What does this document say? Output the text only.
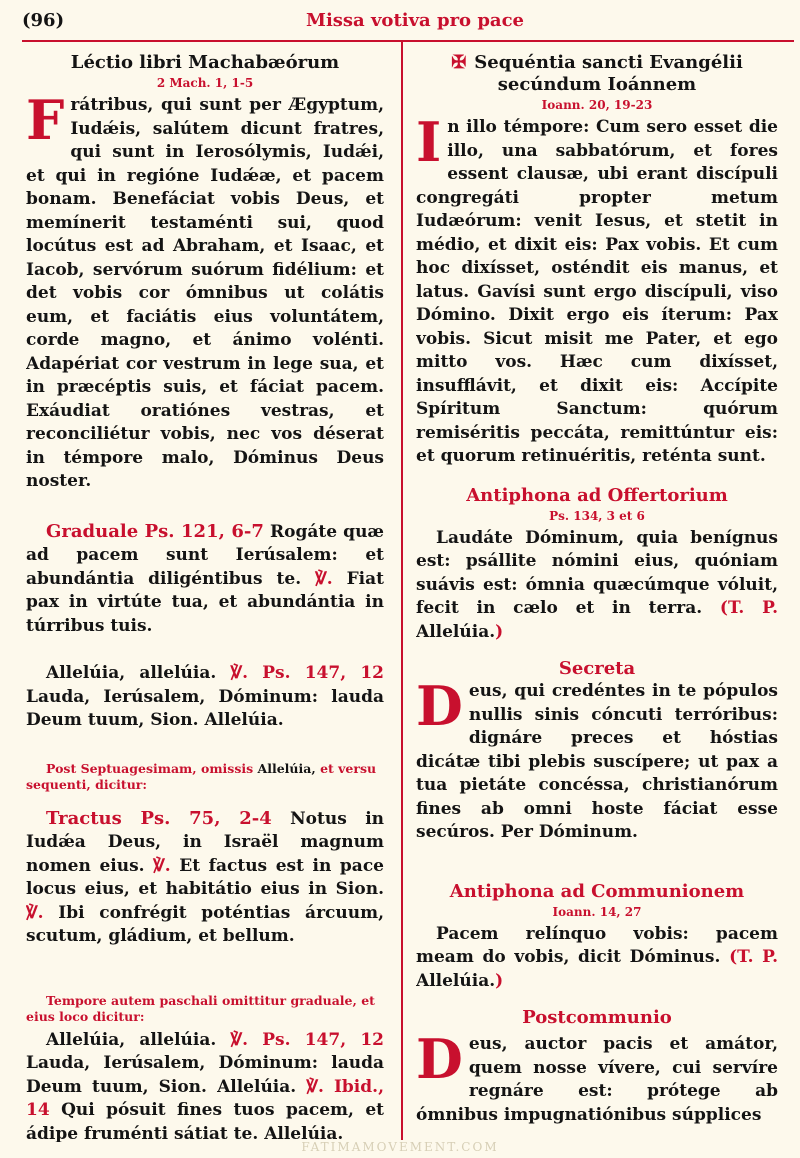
(96)	Missa votiva pro pace
Léctio libri Machabæórum
2 Mach. 1, 1-5

Frátribus, qui sunt per Ægyptum, Iudǽis, salútem dicunt fratres, qui sunt in Ierosólymis, Iudǽi, et qui in regióne Iudǽæ, et pacem bonam. Benefáciat vobis Deus, et memínerit testaménti sui, quod locútus est ad Abraham, et Isaac, et Iacob, servórum suórum fidélium: et det vobis cor ómnibus ut colátis eum, et faciátis eius voluntátem, corde magno, et ánimo volénti. Adapériat cor vestrum in lege sua, et in præcéptis suis, et fáciat pacem. Exáudiat oratiónes vestras, et reconciliétur vobis, nec vos déserat in témpore malo, Dóminus Deus noster.

Graduale Ps. 121, 6-7 Rogáte quæ ad pacem sunt Ierúsalem: et abundántia diligéntibus te. ℣. Fiat pax in virtúte tua, et abundántia in túrribus tuis.

Allelúia, allelúia. ℣. Ps. 147, 12 Lauda, Ierúsalem, Dóminum: lauda Deum tuum, Sion. Allelúia.

Post Septuagesimam, omissis Allelúia, et versu sequenti, dicitur:

Tractus Ps. 75, 2-4 Notus in Iudǽa Deus, in Israël magnum nomen eius. ℣. Et factus est in pace locus eius, et habitátio eius in Sion. ℣. Ibi confrégit poténtias árcuum, scutum, gládium, et bellum.

Tempore autem paschali omittitur graduale, et eius loco dicitur:

Allelúia, allelúia. ℣. Ps. 147, 12 Lauda, Ierúsalem, Dóminum: lauda Deum tuum, Sion. Allelúia. ℣. Ibid., 14 Qui pósuit fines tuos pacem, et ádipe fruménti sátiat te. Allelúia.

✠ Sequéntia sancti Evangélii
secúndum Ioánnem
Ioann. 20, 19-23

In illo témpore: Cum sero esset die illo, una sabbatórum, et fores essent clausæ, ubi erant discípuli congregáti propter metum Iudæórum: venit Iesus, et stetit in médio, et dixit eis: Pax vobis. Et cum hoc dixísset, osténdit eis manus, et latus. Gavísi sunt ergo discípuli, viso Dómino. Dixit ergo eis íterum: Pax vobis. Sicut misit me Pater, et ego mitto vos. Hæc cum dixísset, insufflávit, et dixit eis: Accípite Spíritum Sanctum: quórum remiséritis peccáta, remittúntur eis: et quorum retinuéritis, reténta sunt.

Antiphona ad Offertorium
Ps. 134, 3 et 6

Laudáte Dóminum, quia benígnus est: psállite nómini eius, quóniam suávis est: ómnia quæcúmque vóluit, fecit in cælo et in terra. (T. P. Allelúia.)

Secreta

Deus, qui credéntes in te pópulos nullis sinis cóncuti terróribus: dignáre preces et hóstias dicátæ tibi plebis suscípere; ut pax a tua pietáte concéssa, christianórum fines ab omni hoste fáciat esse secúros. Per Dóminum.

Antiphona ad Communionem
Ioann. 14, 27

Pacem relínquo vobis: pacem meam do vobis, dicit Dóminus. (T. P. Allelúia.)

Postcommunio

Deus, auctor pacis et amátor, quem nosse vívere, cui servíre regnáre est: prótege ab ómnibus impugnatiónibus súpplices

FATIMAMOVEMENT.COM
